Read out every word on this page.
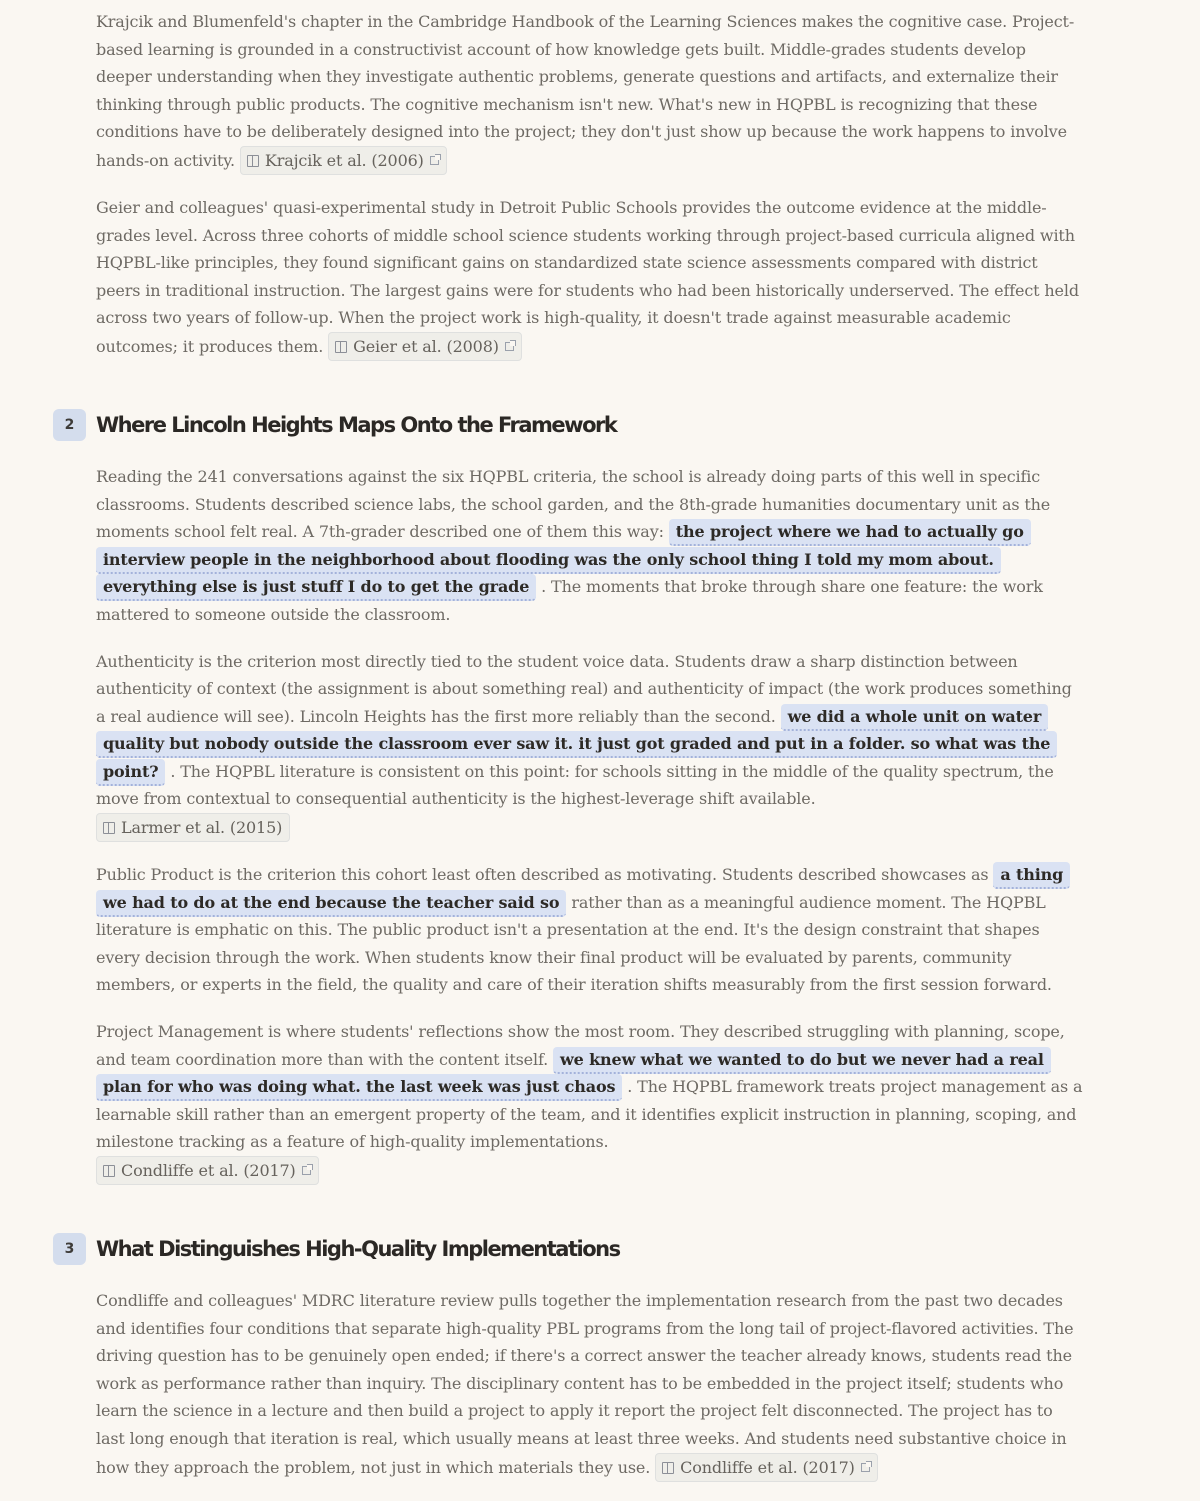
Krajcik and Blumenfeld's chapter in the Cambridge Handbook of the Learning Sciences makes the cognitive case. Project-based learning is grounded in a constructivist account of how knowledge gets built. Middle-grades students develop deeper understanding when they investigate authentic problems, generate questions and artifacts, and externalize their thinking through public products. The cognitive mechanism isn't new. What's new in HQPBL is recognizing that these conditions have to be deliberately designed into the project; they don't just show up because the work happens to involve hands-on activity. Krajcik et al. (2006)

Geier and colleagues' quasi-experimental study in Detroit Public Schools provides the outcome evidence at the middle-grades level. Across three cohorts of middle school science students working through project-based curricula aligned with HQPBL-like principles, they found significant gains on standardized state science assessments compared with district peers in traditional instruction. The largest gains were for students who had been historically underserved. The effect held across two years of follow-up. When the project work is high-quality, it doesn't trade against measurable academic outcomes; it produces them. Geier et al. (2008)

2	Where Lincoln Heights Maps Onto the Framework

Reading the 241 conversations against the six HQPBL criteria, the school is already doing parts of this well in specific classrooms. Students described science labs, the school garden, and the 8th-grade humanities documentary unit as the moments school felt real. A 7th-grader described one of them this way: the project where we had to actually go interview people in the neighborhood about flooding was the only school thing I told my mom about. everything else is just stuff I do to get the grade . The moments that broke through share one feature: the work mattered to someone outside the classroom.

Authenticity is the criterion most directly tied to the student voice data. Students draw a sharp distinction between authenticity of context (the assignment is about something real) and authenticity of impact (the work produces something a real audience will see). Lincoln Heights has the first more reliably than the second. we did a whole unit on water quality but nobody outside the classroom ever saw it. it just got graded and put in a folder. so what was the point? . The HQPBL literature is consistent on this point: for schools sitting in the middle of the quality spectrum, the move from contextual to consequential authenticity is the highest-leverage shift available.
Larmer et al. (2015)

Public Product is the criterion this cohort least often described as motivating. Students described showcases as a thing we had to do at the end because the teacher said so rather than as a meaningful audience moment. The HQPBL literature is emphatic on this. The public product isn't a presentation at the end. It's the design constraint that shapes every decision through the work. When students know their final product will be evaluated by parents, community members, or experts in the field, the quality and care of their iteration shifts measurably from the first session forward.

Project Management is where students' reflections show the most room. They described struggling with planning, scope, and team coordination more than with the content itself. we knew what we wanted to do but we never had a real plan for who was doing what. the last week was just chaos . The HQPBL framework treats project management as a learnable skill rather than an emergent property of the team, and it identifies explicit instruction in planning, scoping, and milestone tracking as a feature of high-quality implementations.
Condliffe et al. (2017)

3	What Distinguishes High-Quality Implementations

Condliffe and colleagues' MDRC literature review pulls together the implementation research from the past two decades and identifies four conditions that separate high-quality PBL programs from the long tail of project-flavored activities. The driving question has to be genuinely open ended; if there's a correct answer the teacher already knows, students read the work as performance rather than inquiry. The disciplinary content has to be embedded in the project itself; students who learn the science in a lecture and then build a project to apply it report the project felt disconnected. The project has to last long enough that iteration is real, which usually means at least three weeks. And students need substantive choice in how they approach the problem, not just in which materials they use. Condliffe et al. (2017)
